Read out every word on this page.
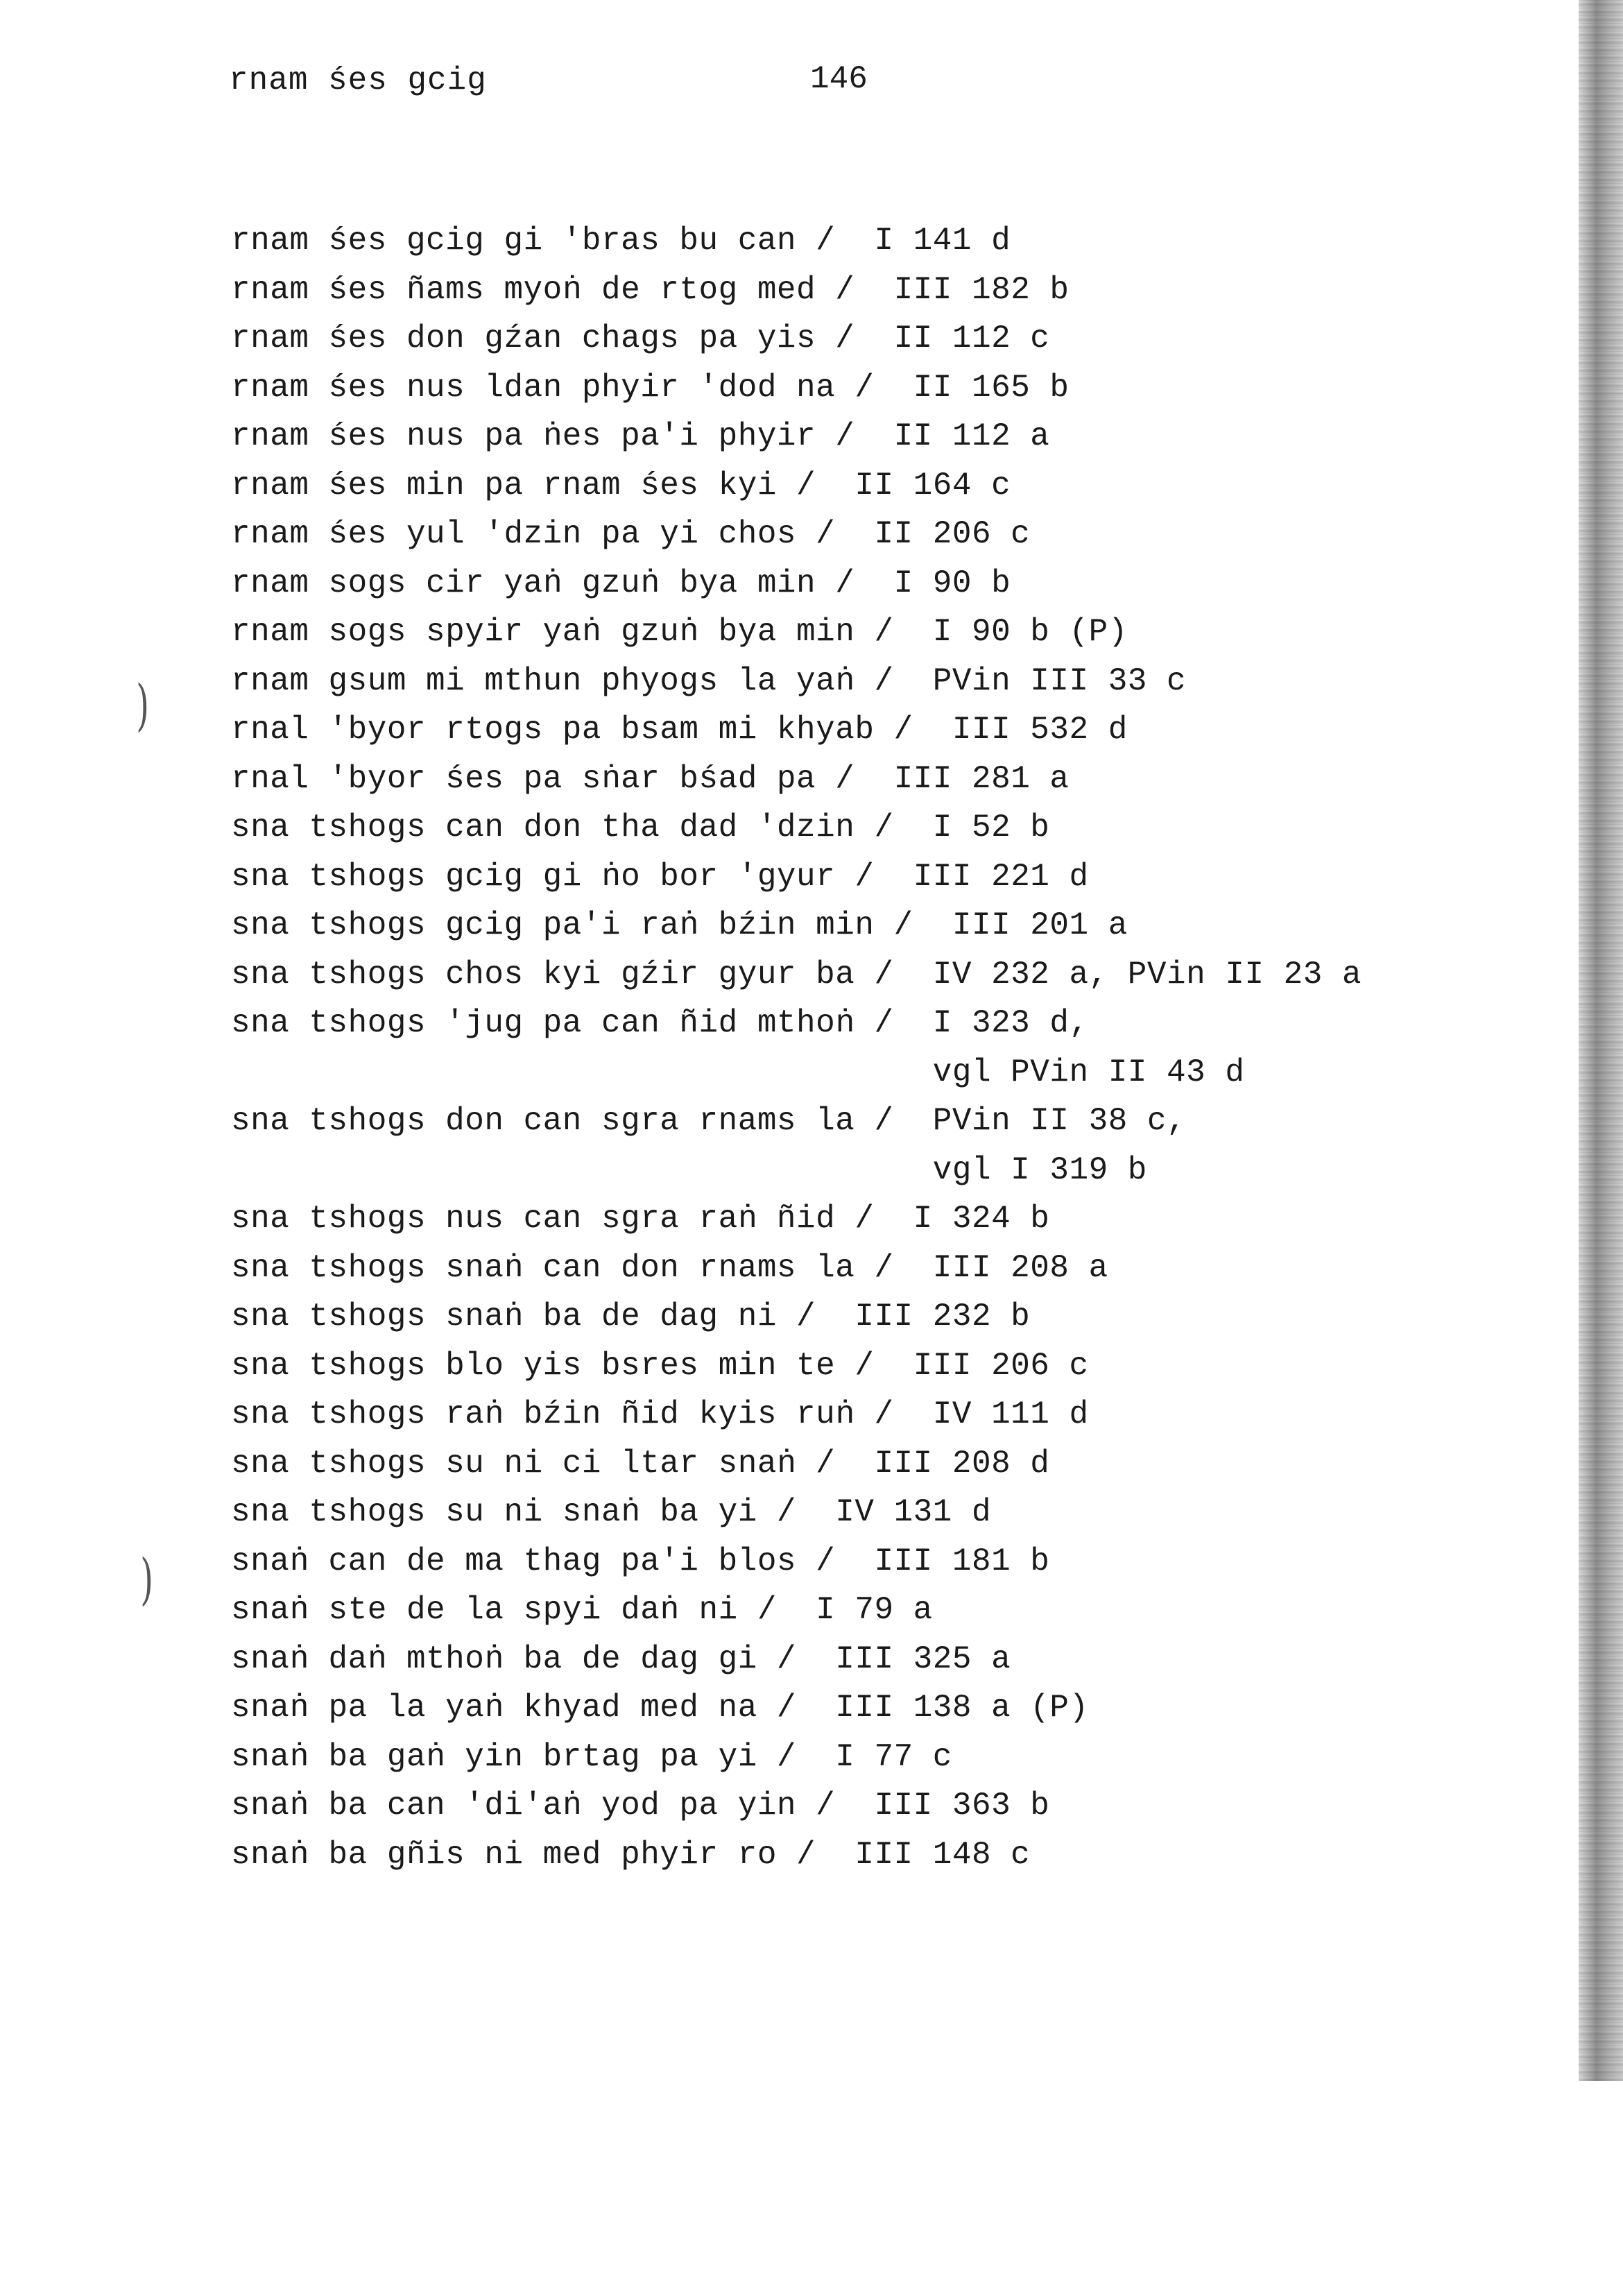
rnam śes gcig	146
)
)
rnam śes gcig gi 'bras bu can / I 141 d
rnam śes ñams myoṅ de rtog med / III 182 b
rnam śes don gźan chags pa yis / II 112 c
rnam śes nus ldan phyir 'dod na / II 165 b
rnam śes nus pa ṅes pa'i phyir / II 112 a
rnam śes min pa rnam śes kyi / II 164 c
rnam śes yul 'dzin pa yi chos / II 206 c
rnam sogs cir yaṅ gzuṅ bya min / I 90 b
rnam sogs spyir yaṅ gzuṅ bya min / I 90 b (P)
rnam gsum mi mthun phyogs la yaṅ / PVin III 33 c
rnal 'byor rtogs pa bsam mi khyab / III 532 d
rnal 'byor śes pa sṅar bśad pa / III 281 a
sna tshogs can don tha dad 'dzin / I 52 b
sna tshogs gcig gi ṅo bor 'gyur / III 221 d
sna tshogs gcig pa'i raṅ bźin min / III 201 a
sna tshogs chos kyi gźir gyur ba / IV 232 a, PVin II 23 a
sna tshogs 'jug pa can ñid mthoṅ / I 323 d,
vgl PVin II 43 d
sna tshogs don can sgra rnams la / PVin II 38 c,
vgl I 319 b
sna tshogs nus can sgra raṅ ñid / I 324 b
sna tshogs snaṅ can don rnams la / III 208 a
sna tshogs snaṅ ba de dag ni / III 232 b
sna tshogs blo yis bsres min te / III 206 c
sna tshogs raṅ bźin ñid kyis ruṅ / IV 111 d
sna tshogs su ni ci ltar snaṅ / III 208 d
sna tshogs su ni snaṅ ba yi / IV 131 d
snaṅ can de ma thag pa'i blos / III 181 b
snaṅ ste de la spyi daṅ ni / I 79 a
snaṅ daṅ mthoṅ ba de dag gi / III 325 a
snaṅ pa la yaṅ khyad med na / III 138 a (P)
snaṅ ba gaṅ yin brtag pa yi / I 77 c
snaṅ ba can 'di'aṅ yod pa yin / III 363 b
snaṅ ba gñis ni med phyir ro / III 148 c
